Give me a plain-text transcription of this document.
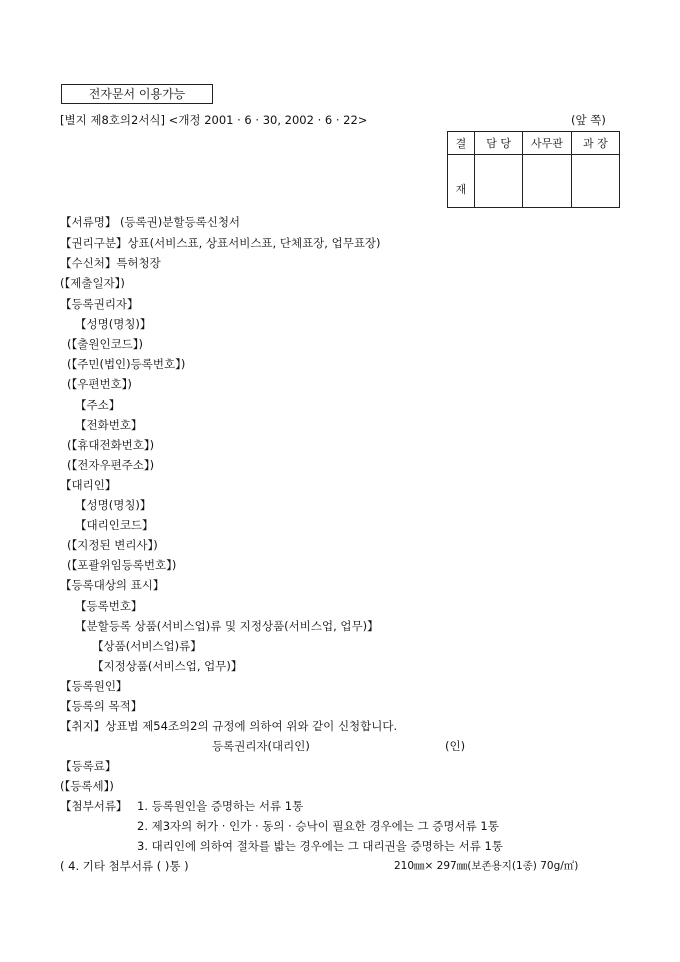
전자문서 이용가능
[별지 제8호의2서식] <개정 2001 · 6 · 30, 2002 · 6 · 22>	(앞 쪽)
결	담 당	사무관	과 장
재			
【서류명】 (등록권)분할등록신청서
【권리구분】상표(서비스표, 상표서비스표, 단체표장, 업무표장)
【수신처】특허청장
(【제출일자】)
【등록권리자】
【성명(명칭)】
(【출원인코드】)
(【주민(법인)등록번호】)
(【우편번호】)
【주소】
【전화번호】
(【휴대전화번호】)
(【전자우편주소】)
【대리인】
【성명(명칭)】
【대리인코드】
(【지정된 변리사】)
(【포괄위임등록번호】)
【등록대상의 표시】
【등록번호】
【분할등록 상품(서비스업)류 및 지정상품(서비스업, 업무)】
【상품(서비스업)류】
【지정상품(서비스업, 업무)】
【등록원인】
【등록의 목적】
【취지】상표법 제54조의2의 규정에 의하여 위와 같이 신청합니다.
등록권리자(대리인)	(인)
【등록료】
(【등록세】)
【첨부서류】 1. 등록원인을 증명하는 서류 1통
2. 제3자의 허가 · 인가 · 동의 · 승낙이 필요한 경우에는 그 증명서류 1통
3. 대리인에 의하여 절차를 밟는 경우에는 그 대리권을 증명하는 서류 1통
( 4. 기타 첨부서류 ( )통 )	210㎜× 297㎜(보존용지(1종) 70g/㎡)
